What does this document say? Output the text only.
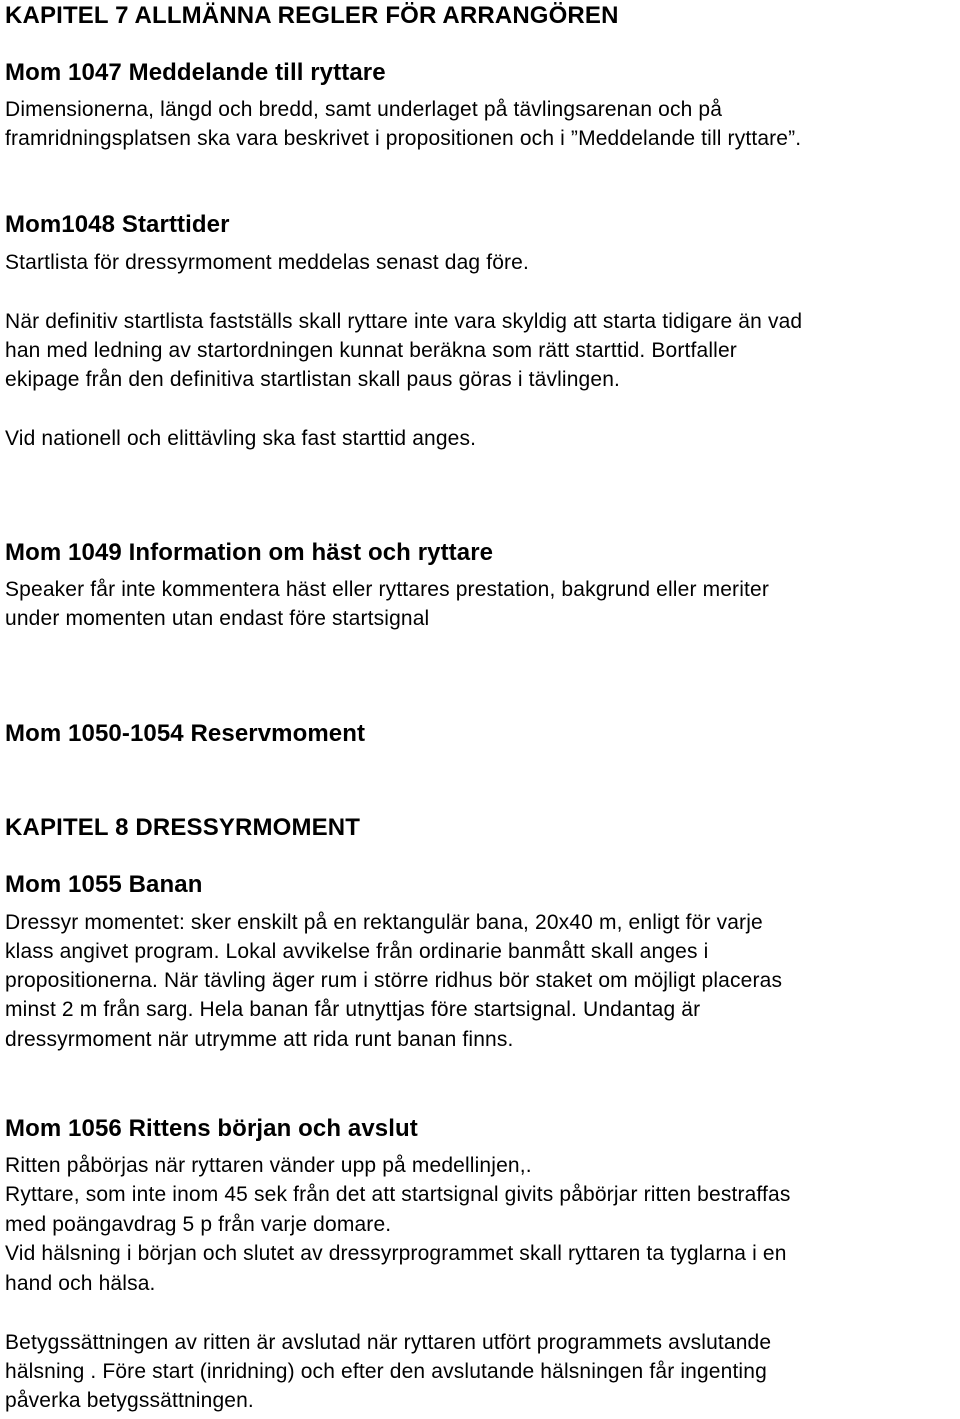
KAPITEL 7 ALLMÄNNA REGLER FÖR ARRANGÖREN
Mom 1047 Meddelande till ryttare
Dimensionerna, längd och bredd, samt underlaget på tävlingsarenan och på
framridningsplatsen ska vara beskrivet i propositionen och i ”Meddelande till ryttare”.
Mom1048 Starttider
Startlista för dressyrmoment meddelas senast dag före.
När definitiv startlista fastställs skall ryttare inte vara skyldig att starta tidigare än vad
han med ledning av startordningen kunnat beräkna som rätt starttid. Bortfaller
ekipage från den definitiva startlistan skall paus göras i tävlingen.
Vid nationell och elittävling ska fast starttid anges.
Mom 1049 Information om häst och ryttare
Speaker får inte kommentera häst eller ryttares prestation, bakgrund eller meriter
under momenten utan endast före startsignal
Mom 1050-1054 Reservmoment
KAPITEL 8 DRESSYRMOMENT
Mom 1055 Banan
Dressyr momentet: sker enskilt på en rektangulär bana, 20x40 m, enligt för varje
klass angivet program. Lokal avvikelse från ordinarie banmått skall anges i
propositionerna. När tävling äger rum i större ridhus bör staket om möjligt placeras
minst 2 m från sarg. Hela banan får utnyttjas före startsignal. Undantag är
dressyrmoment när utrymme att rida runt banan finns.
Mom 1056 Rittens början och avslut
Ritten påbörjas när ryttaren vänder upp på medellinjen,.
Ryttare, som inte inom 45 sek från det att startsignal givits påbörjar ritten bestraffas
med poängavdrag 5 p från varje domare.
Vid hälsning i början och slutet av dressyrprogrammet skall ryttaren ta tyglarna i en
hand och hälsa.
Betygssättningen av ritten är avslutad när ryttaren utfört programmets avslutande
hälsning . Före start (inridning) och efter den avslutande hälsningen får ingenting
påverka betygssättningen.
